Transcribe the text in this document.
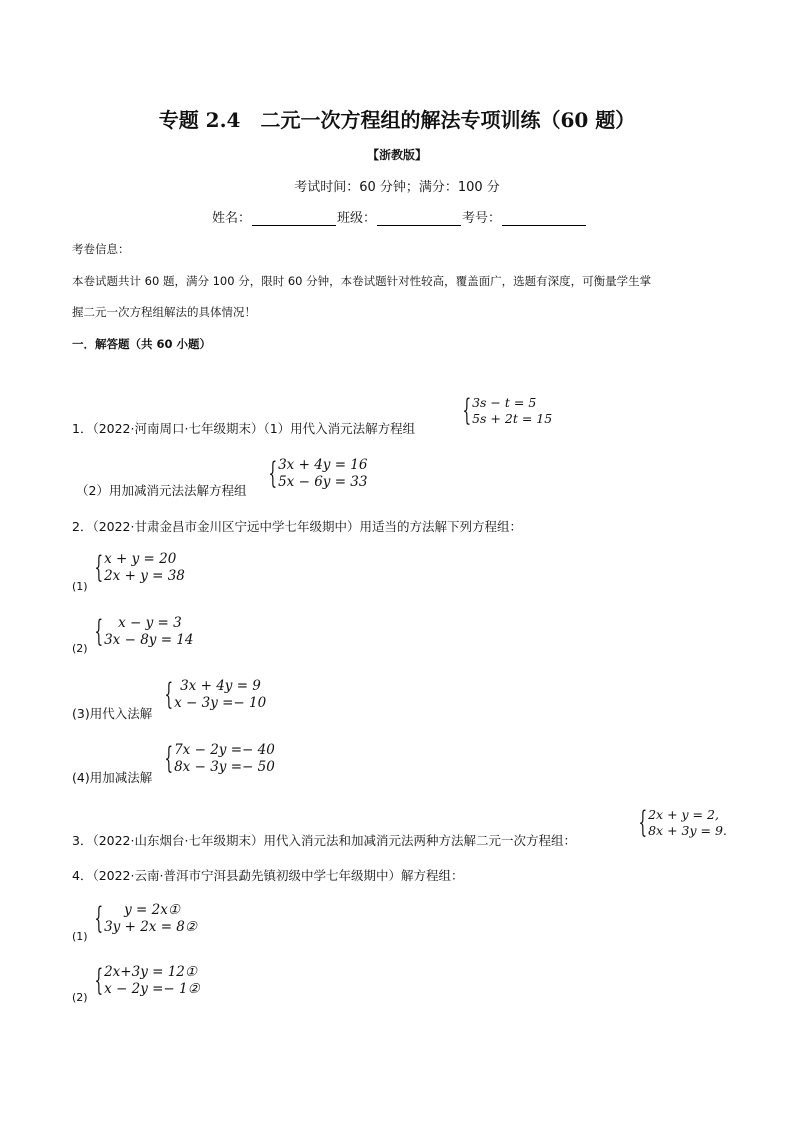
专题 2.4　二元一次方程组的解法专项训练（60 题）
【浙教版】
考试时间：60 分钟；满分：100 分
姓名：	班级：	考号：
考卷信息：
本卷试题共计 60 题，满分 100 分，限时 60 分钟，本卷试题针对性较高，覆盖面广，选题有深度，可衡量学生掌
握二元一次方程组解法的具体情况！
一．解答题（共 60 小题）
1．（2022·河南周口·七年级期末）（1）用代入消元法解方程组
{ 3s − t = 5
5s + 2t = 15
（2）用加减消元法法解方程组 { 3x + 4y = 16
5x − 6y = 33
2．（2022·甘肃金昌市金川区宁远中学七年级期中）用适当的方法解下列方程组：
(1)
{ x + y = 20
2x + y = 38
(2) {	x − y = 3
3x − 8y = 14
(3)用代入法解
{ 3x + 4y = 9
x − 3y =− 10
(4)用加减法解
{ 7x − 2y =− 40
8x − 3y =− 50
3．（2022·山东烟台·七年级期末）用代入消元法和加减消元法两种方法解二元一次方程组：
{ 2x + y = 2,
8x + 3y = 9.
4．（2022·云南·普洱市宁洱县勐先镇初级中学七年级期中）解方程组：
(1)
{	y = 2x①
3y + 2x = 8②
(2) { 2x+3y = 12①
x − 2y =− 1②
